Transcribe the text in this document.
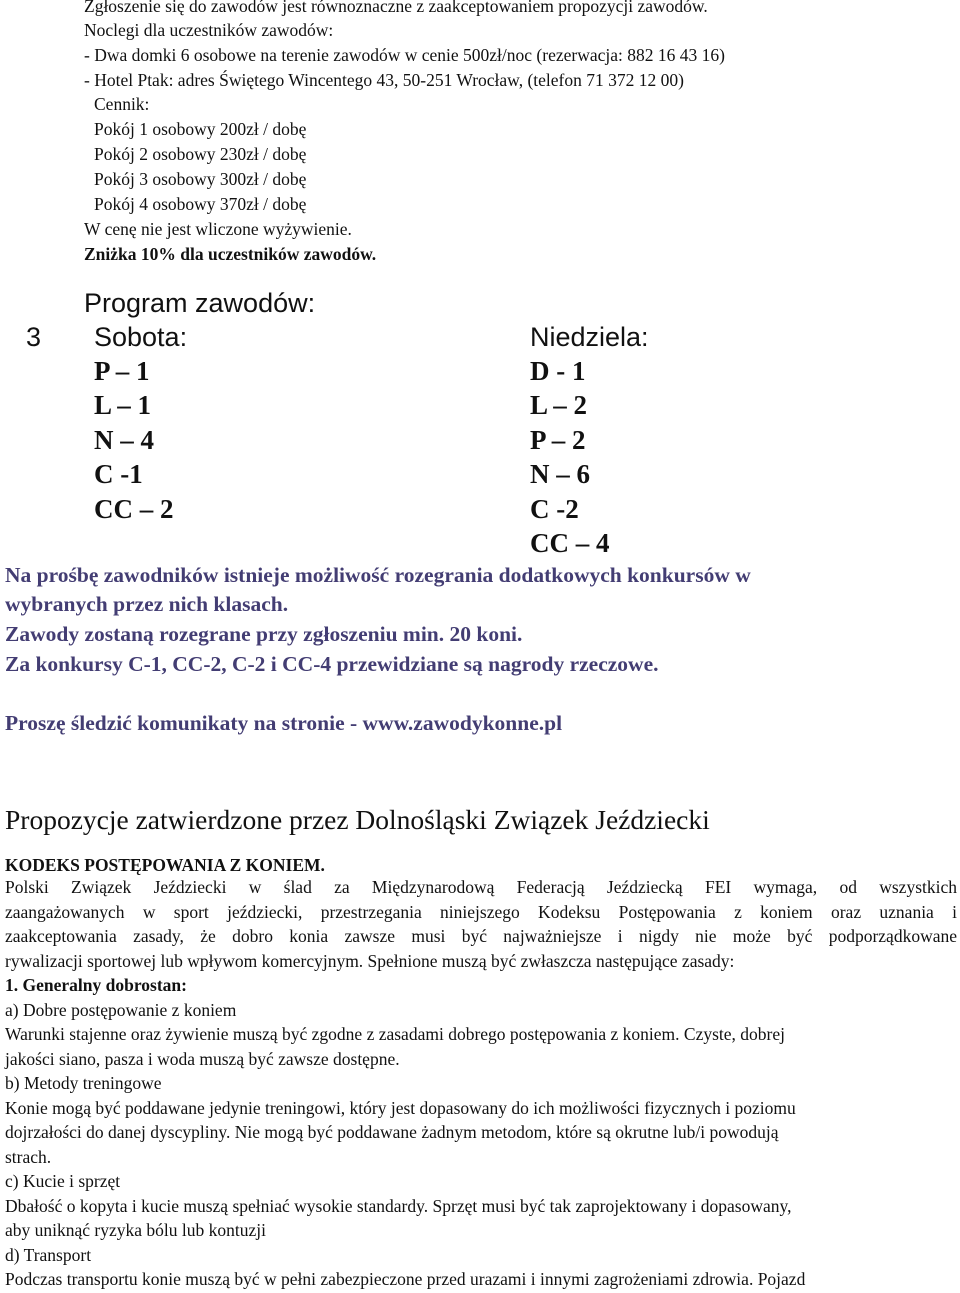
Zgłoszenie się do zawodów jest równoznaczne z zaakceptowaniem propozycji zawodów.
Noclegi dla uczestników zawodów:
- Dwa domki 6 osobowe na terenie zawodów w cenie 500zł/noc (rezerwacja: 882 16 43 16)
- Hotel Ptak: adres Świętego Wincentego 43, 50-251 Wrocław, (telefon 71 372 12 00)
Cennik:
Pokój 1 osobowy 200zł / dobę
Pokój 2 osobowy 230zł / dobę
Pokój 3 osobowy 300zł / dobę
Pokój 4 osobowy 370zł / dobę
W cenę nie jest wliczone wyżywienie.
Zniżka 10% dla uczestników zawodów.
Program zawodów:
3 Sobota:
P – 1
L – 1
N – 4
C -1
CC – 2
Niedziela:
D - 1
L – 2
P – 2
N – 6
C -2
CC – 4
Na prośbę zawodników istnieje możliwość rozegrania dodatkowych konkursów w
wybranych przez nich klasach.
Zawody zostaną rozegrane przy zgłoszeniu min. 20 koni.
Za konkursy C-1, CC-2, C-2 i CC-4 przewidziane są nagrody rzeczowe.
Proszę śledzić komunikaty na stronie - www.zawodykonne.pl
Propozycje zatwierdzone przez Dolnośląski Związek Jeździecki
KODEKS POSTĘPOWANIA Z KONIEM.
Polski Związek Jeździecki w ślad za Międzynarodową Federacją Jeździecką FEI wymaga, od wszystkich
zaangażowanych w sport jeździecki, przestrzegania niniejszego Kodeksu Postępowania z koniem oraz uznania i
zaakceptowania zasady, że dobro konia zawsze musi być najważniejsze i nigdy nie może być podporządkowane
rywalizacji sportowej lub wpływom komercyjnym. Spełnione muszą być zwłaszcza następujące zasady:
1. Generalny dobrostan:
a) Dobre postępowanie z koniem
Warunki stajenne oraz żywienie muszą być zgodne z zasadami dobrego postępowania z koniem. Czyste, dobrej
jakości siano, pasza i woda muszą być zawsze dostępne.
b) Metody treningowe
Konie mogą być poddawane jedynie treningowi, który jest dopasowany do ich możliwości fizycznych i poziomu
dojrzałości do danej dyscypliny. Nie mogą być poddawane żadnym metodom, które są okrutne lub/i powodują
strach.
c) Kucie i sprzęt
Dbałość o kopyta i kucie muszą spełniać wysokie standardy. Sprzęt musi być tak zaprojektowany i dopasowany,
aby uniknąć ryzyka bólu lub kontuzji
d) Transport
Podczas transportu konie muszą być w pełni zabezpieczone przed urazami i innymi zagrożeniami zdrowia. Pojazd
